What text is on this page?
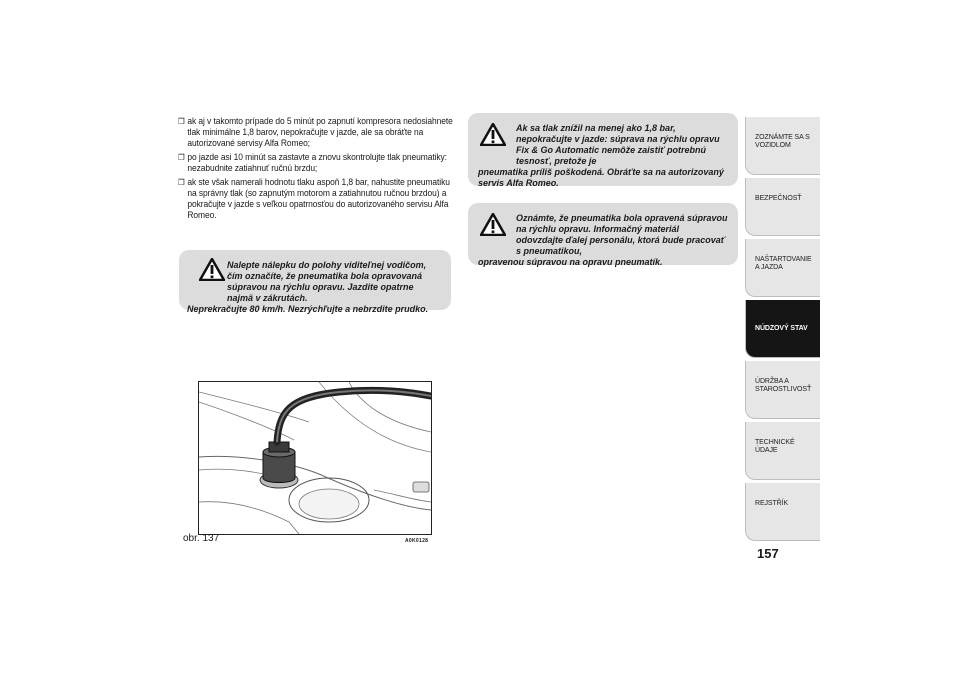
❐ ak aj v takomto prípade do 5 minút po zapnutí kompresora nedosiahnete tlak minimálne 1,8 barov, nepokračujte v jazde, ale sa obráťte na autorizované servisy Alfa Romeo;
❐ po jazde asi 10 minút sa zastavte a znovu skontrolujte tlak pneumatiky: nezabudnite zatiahnuť ručnú brzdu;
❐ ak ste však namerali hodnotu tlaku aspoň 1,8 bar, nahustite pneumatiku na správny tlak (so zapnutým motorom a zatiahnutou ručnou brzdou) a pokračujte v jazde s veľkou opatrnosťou do autorizovaného servisu Alfa Romeo.
Nalepte nálepku do polohy viditeľnej vodičom, čím označíte, že pneumatika bola opravovaná súpravou na rýchlu opravu. Jazdite opatrne najmä v zákrutách.
Neprekračujte 80 km/h. Nezrýchľujte a nebrzdite prudko.
Ak sa tlak znížil na menej ako 1,8 bar, nepokračujte v jazde: súprava na rýchlu opravu Fix & Go Automatic nemôže zaistiť potrebnú tesnosť, pretože je
pneumatika príliš poškodená. Obráťte sa na autorizovaný servis Alfa Romeo.
Oznámte, že pneumatika bola opravená súpravou na rýchlu opravu. Informačný materiál odovzdajte ďalej personálu, ktorá bude pracovať s pneumatikou,
opravenou súpravou na opravu pneumatík.
obr. 137	A0K0128
ZOZNÁMTE SA S VOZIDLOM
BEZPEČNOSŤ
NAŠTARTOVANIE A JAZDA
NÚDZOVÝ STAV
ÚDRŽBA A STAROSTLIVOSŤ
TECHNICKÉ ÚDAJE
REJSTŘÍK
157
